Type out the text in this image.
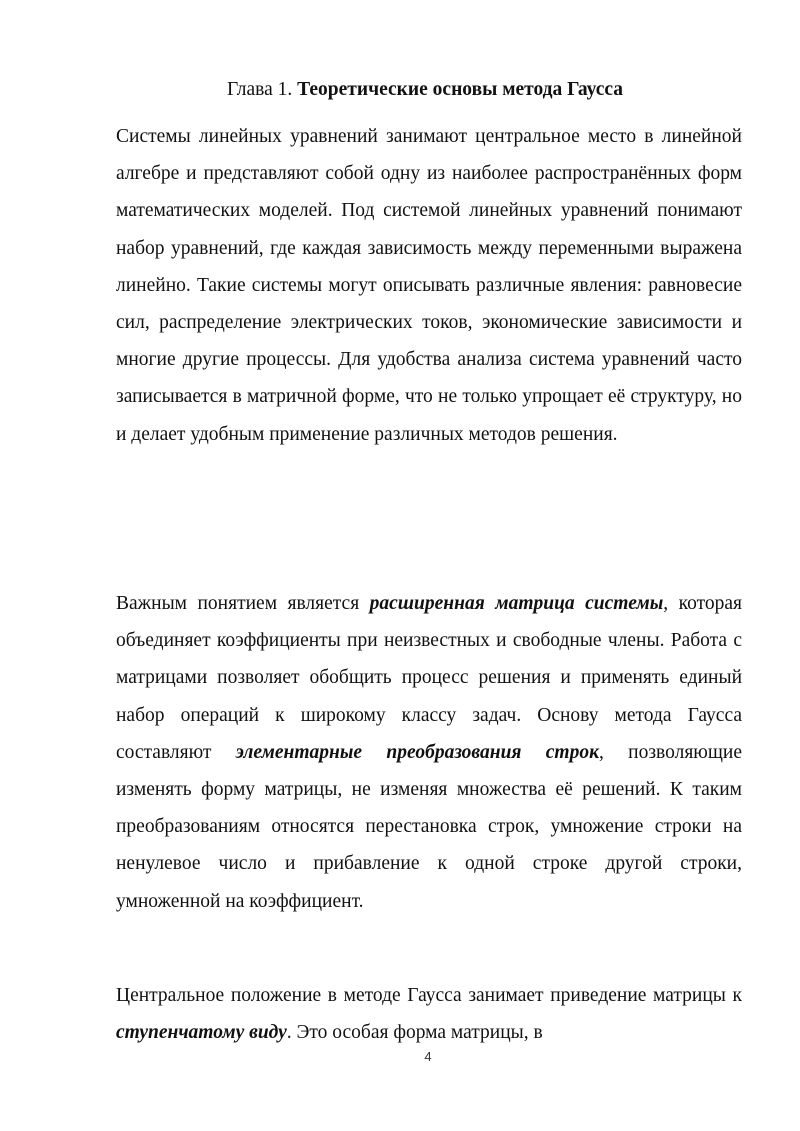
Глава 1. Теоретические основы метода Гаусса

Системы линейных уравнений занимают центральное место в линейной алгебре и представляют собой одну из наиболее распространённых форм математических моделей. Под системой линейных уравнений понимают набор уравнений, где каждая зависимость между переменными выражена линейно. Такие системы могут описывать различные явления: равновесие сил, распределение электрических токов, экономические зависимости и многие другие процессы. Для удобства анализа система уравнений часто записывается в матричной форме, что не только упрощает её структуру, но и делает удобным применение различных методов решения.

Важным понятием является расширенная матрица системы, которая объединяет коэффициенты при неизвестных и свободные члены. Работа с матрицами позволяет обобщить процесс решения и применять единый набор операций к широкому классу задач. Основу метода Гаусса составляют элементарные преобразования строк, позволяющие изменять форму матрицы, не изменяя множества её решений. К таким преобразованиям относятся перестановка строк, умножение строки на ненулевое число и прибавление к одной строке другой строки, умноженной на коэффициент.

Центральное положение в методе Гаусса занимает приведение матрицы к ступенчатому виду. Это особая форма матрицы, в

4
